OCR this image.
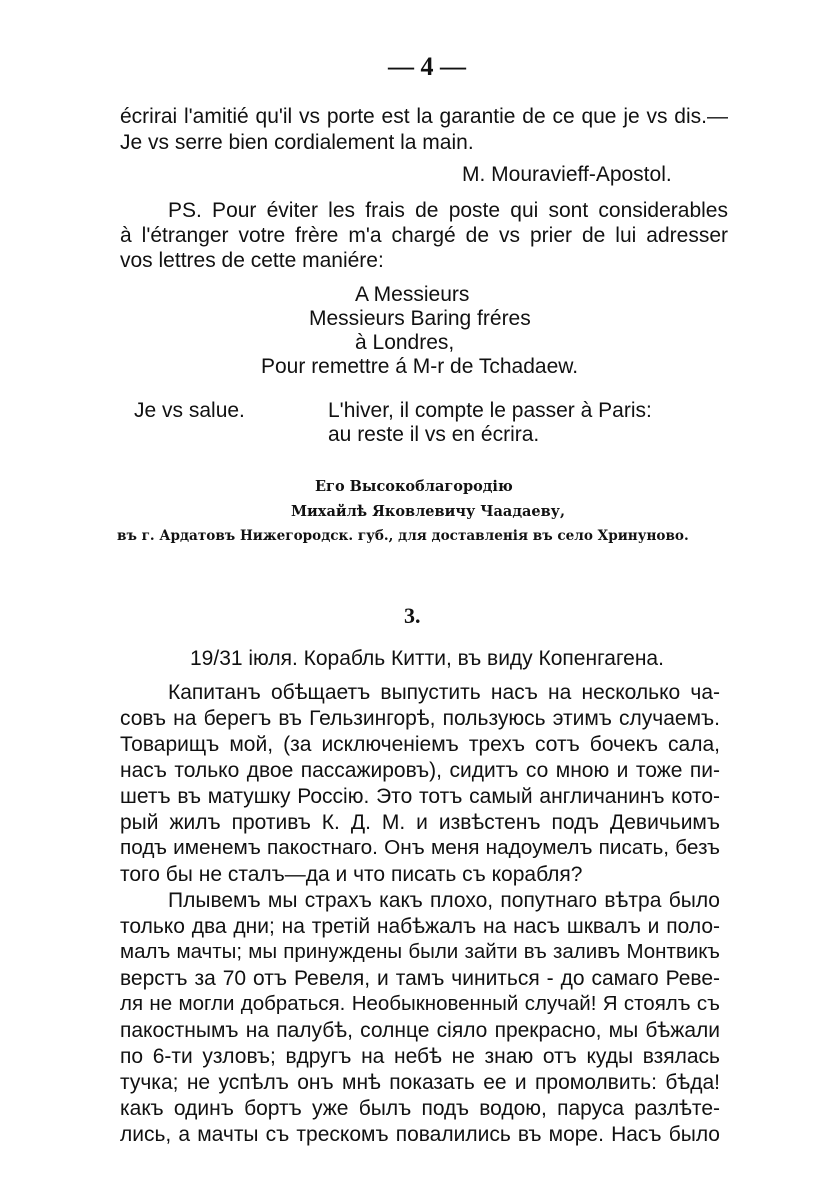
— 4 —
écrirai l'amitié qu'il vs porte est la garantie de ce que je vs dis.—
Je vs serre bien cordialement la main.
M. Mouravieff-Apostol.
PS. Pour éviter les frais de poste qui sont considerables
à l'étranger votre frère m'a chargé de vs prier de lui adresser
vos lettres de cette maniére:
A Messieurs
Messieurs Baring fréres
à Londres,
Pour remettre á M-r de Tchadaew.
Je vs salue.	L'hiver, il compte le passer à Paris:
au reste il vs en écrira.
Его Высокоблагородію
Михайлѣ Яковлевичу Чаадаеву,
въ г. Ардатовъ Нижегородск. губ., для доставленія въ село Хринуново.
3.
19/31 іюля. Корабль Китти, въ виду Копенгагена.
Капитанъ обѣщаетъ выпустить насъ на несколько ча-
совъ на берегъ въ Гельзингорѣ, пользуюсь этимъ случаемъ.
Товарищъ мой, (за исключеніемъ трехъ сотъ бочекъ сала,
насъ только двое пассажировъ), сидитъ со мною и тоже пи-
шетъ въ матушку Россію. Это тотъ самый англичанинъ кото-
рый жилъ противъ К. Д. М. и извѣстенъ подъ Девичьимъ
подъ именемъ пакостнаго. Онъ меня надоумелъ писать, безъ
того бы не сталъ—да и что писать съ корабля?
Плывемъ мы страхъ какъ плохо, попутнаго вѣтра было
только два дни; на третій набѣжалъ на насъ шквалъ и поло-
малъ мачты; мы принуждены были зайти въ заливъ Монтвикъ
верстъ за 70 отъ Ревеля, и тамъ чиниться - до самаго Реве-
ля не могли добраться. Необыкновенный случай! Я стоялъ съ
пакостнымъ на палубѣ, солнце сіяло прекрасно, мы бѣжали
по 6-ти узловъ; вдругъ на небѣ не знаю отъ куды взялась
тучка; не успѣлъ онъ мнѣ показать ее и промолвить: бѣда!
какъ одинъ бортъ уже былъ подъ водою, паруса разлѣте-
лись, а мачты съ трескомъ повалились въ море. Насъ было
